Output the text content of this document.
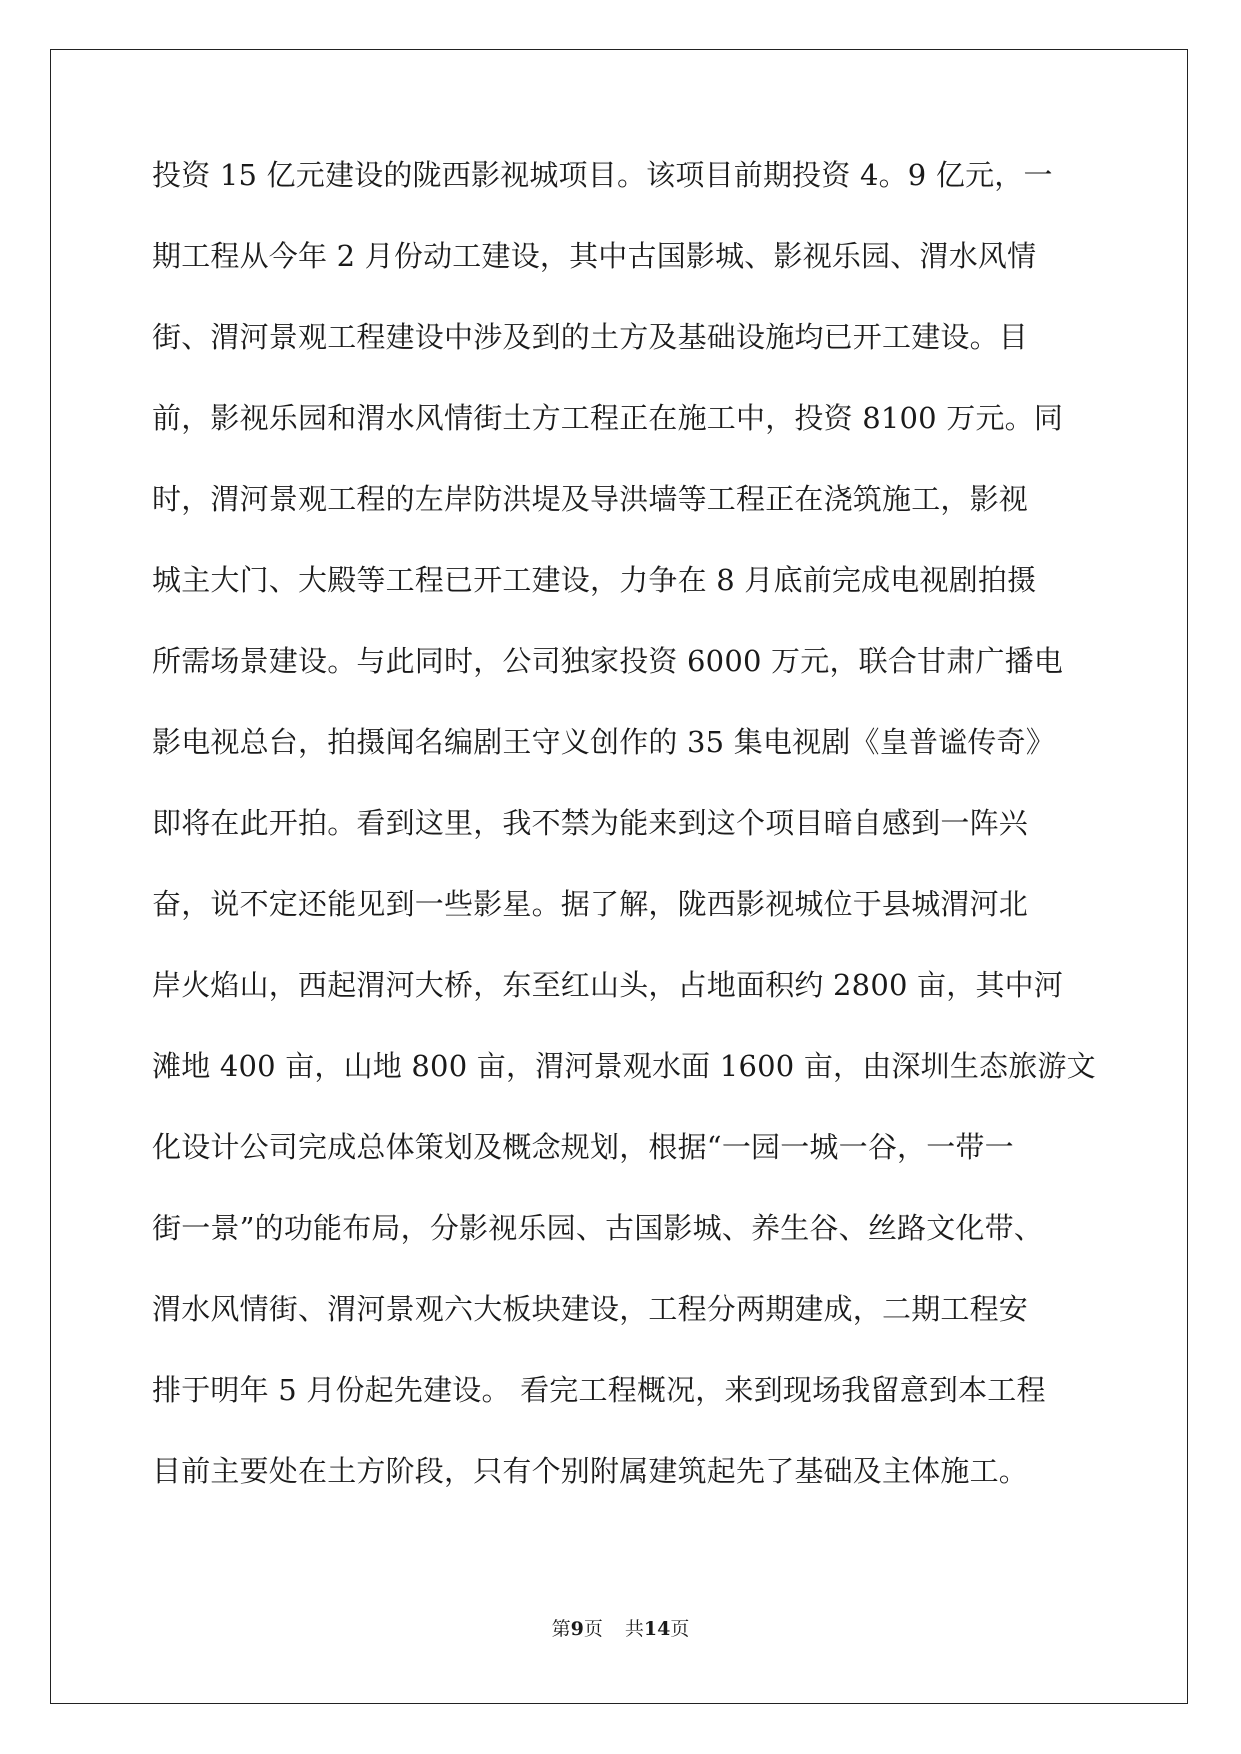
投资 15 亿元建设的陇西影视城项目。该项目前期投资 4。9 亿元，一
期工程从今年 2 月份动工建设，其中古国影城、影视乐园、渭水风情
街、渭河景观工程建设中涉及到的土方及基础设施均已开工建设。目
前，影视乐园和渭水风情街土方工程正在施工中，投资 8100 万元。同
时，渭河景观工程的左岸防洪堤及导洪墙等工程正在浇筑施工，影视
城主大门、大殿等工程已开工建设，力争在 8 月底前完成电视剧拍摄
所需场景建设。与此同时，公司独家投资 6000 万元，联合甘肃广播电
影电视总台，拍摄闻名编剧王守义创作的 35 集电视剧《皇普谧传奇》
即将在此开拍。看到这里，我不禁为能来到这个项目暗自感到一阵兴
奋，说不定还能见到一些影星。据了解，陇西影视城位于县城渭河北
岸火焰山，西起渭河大桥，东至红山头，占地面积约 2800 亩，其中河
滩地 400 亩，山地 800 亩，渭河景观水面 1600 亩，由深圳生态旅游文
化设计公司完成总体策划及概念规划，根据“一园一城一谷，一带一
街一景”的功能布局，分影视乐园、古国影城、养生谷、丝路文化带、
渭水风情街、渭河景观六大板块建设，工程分两期建成，二期工程安
排于明年 5 月份起先建设。 看完工程概况，来到现场我留意到本工程
目前主要处在土方阶段，只有个别附属建筑起先了基础及主体施工。
第9页 共14页
